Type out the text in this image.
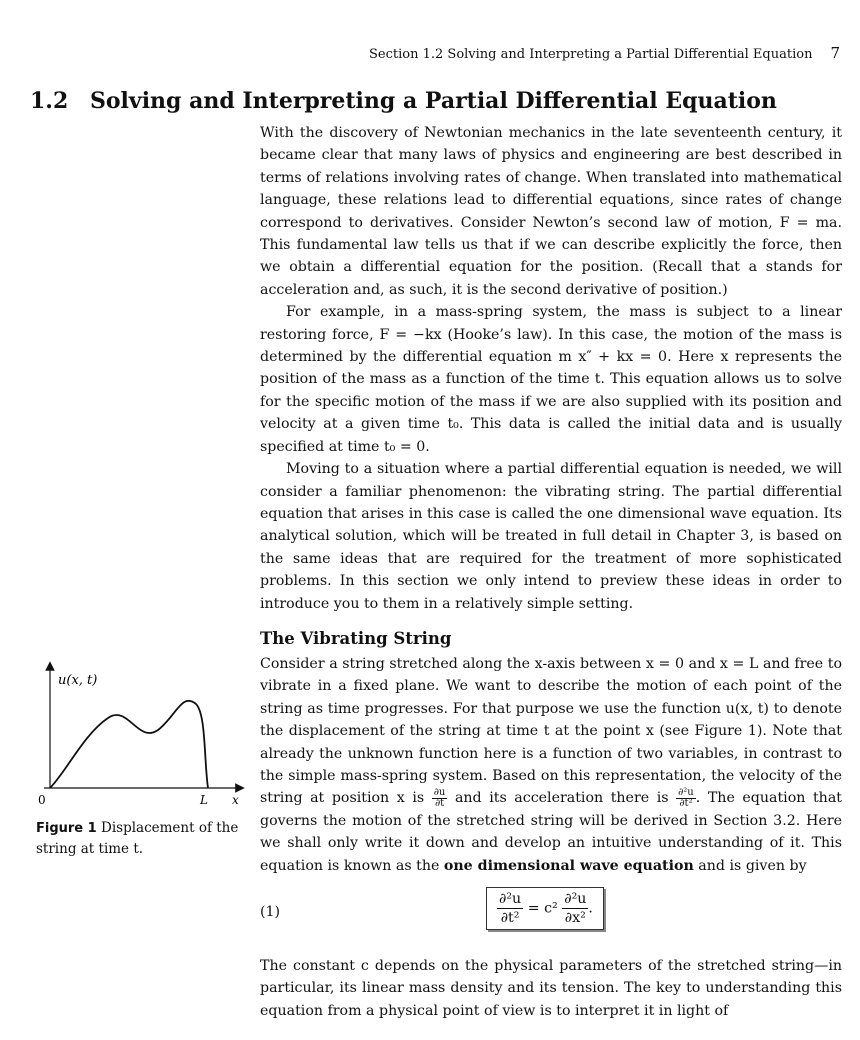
Section 1.2 Solving and Interpreting a Partial Differential Equation 7
1.2 Solving and Interpreting a Partial Differential Equation

With the discovery of Newtonian mechanics in the late seventeenth century, it became clear that many laws of physics and engineering are best described in terms of relations involving rates of change. When translated into mathematical language, these relations lead to differential equations, since rates of change correspond to derivatives. Consider Newton’s second law of motion, F = ma. This fundamental law tells us that if we can describe explicitly the force, then we obtain a differential equation for the position. (Recall that a stands for acceleration and, as such, it is the second derivative of position.)

For example, in a mass-spring system, the mass is subject to a linear restoring force, F = −kx (Hooke’s law). In this case, the motion of the mass is determined by the differential equation m x″ + kx = 0. Here x represents the position of the mass as a function of the time t. This equation allows us to solve for the specific motion of the mass if we are also supplied with its position and velocity at a given time t₀. This data is called the initial data and is usually specified at time t₀ = 0.

Moving to a situation where a partial differential equation is needed, we will consider a familiar phenomenon: the vibrating string. The partial differential equation that arises in this case is called the one dimensional wave equation. Its analytical solution, which will be treated in full detail in Chapter 3, is based on the same ideas that are required for the treatment of more sophisticated problems. In this section we only intend to preview these ideas in order to introduce you to them in a relatively simple setting.

The Vibrating String

Consider a string stretched along the x-axis between x = 0 and x = L and free to vibrate in a fixed plane. We want to describe the motion of each point of the string as time progresses. For that purpose we use the function u(x, t) to denote the displacement of the string at time t at the point x (see Figure 1). Note that already the unknown function here is a function of two variables, in contrast to the simple mass-spring system. Based on this representation, the velocity of the string at position x is $\frac{\partial u}{\partial t}$ and its acceleration there is $\frac{\text{∂²u}}{\text{∂t²}}$ . The equation that governs the motion of the stretched string will be derived in Section 3.2. Here we shall only write it down and develop an intuitive understanding of it. This equation is known as the one dimensional wave equation and is given by

(1)	$\frac{\text{∂²u}}{\text{∂t²}} = c^2 \frac{\text{∂²u}}{\text{∂x²}}$ .

The constant c depends on the physical parameters of the stretched string—in particular, its linear mass density and its tension. The key to understanding this equation from a physical point of view is to interpret it in light of

u(x, t)
0	L x
Figure 1 Displacement of the string at time t.
